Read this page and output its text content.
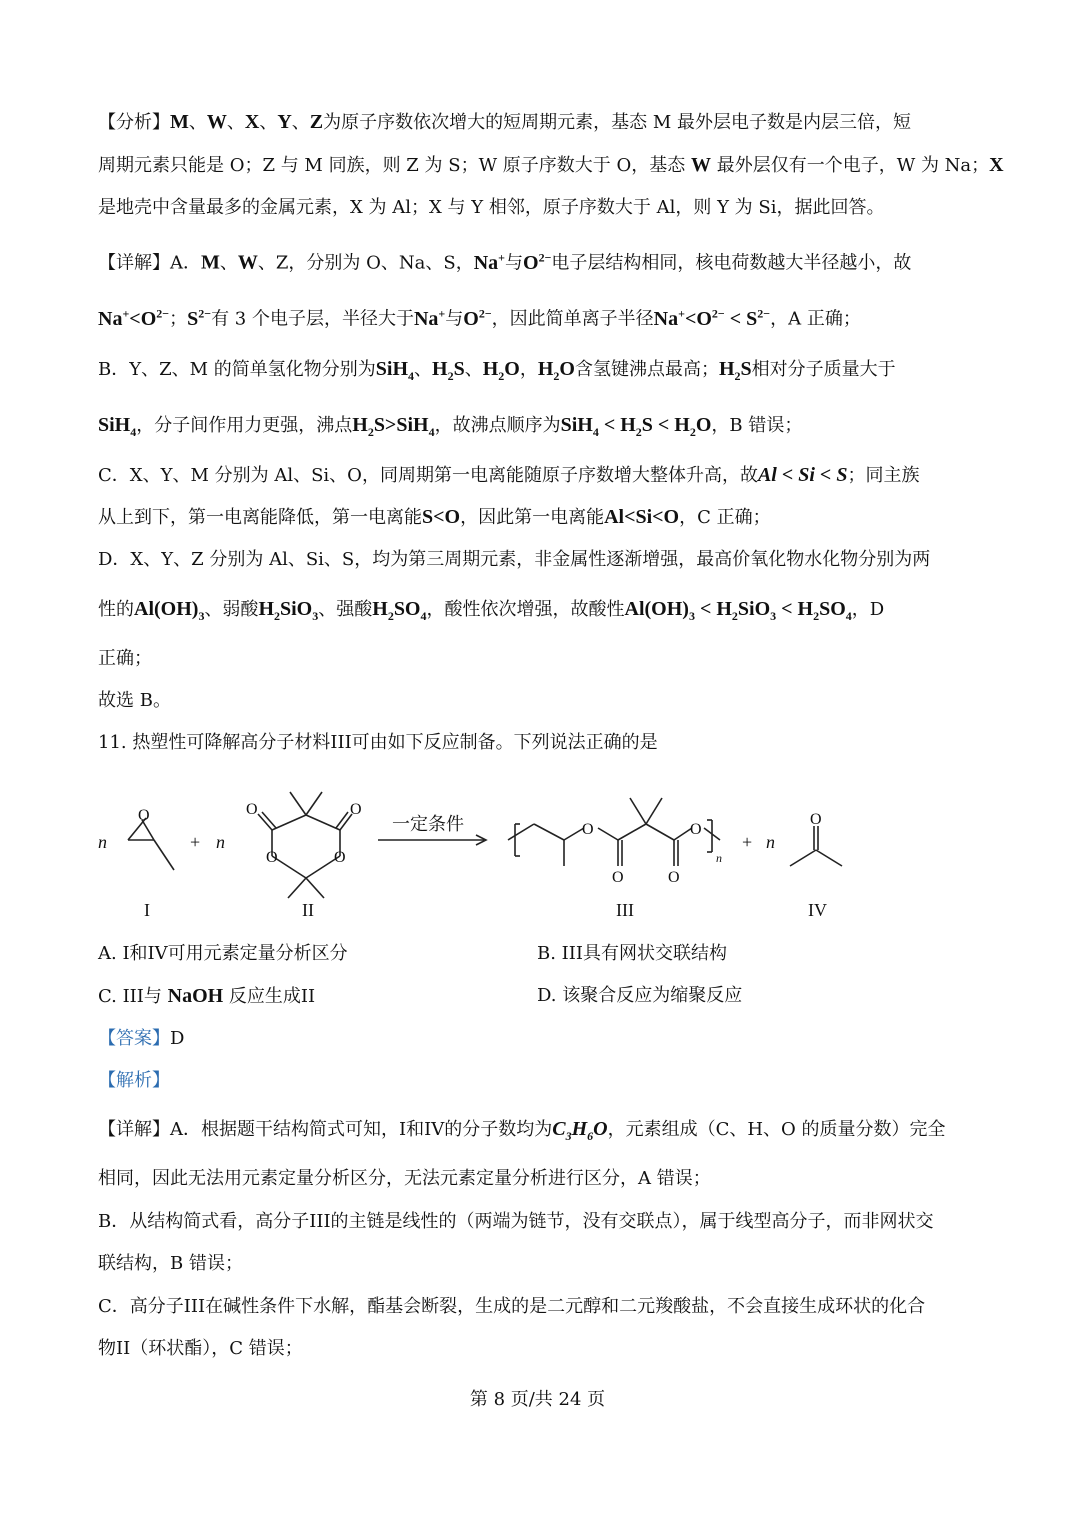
【分析】M、W、X、Y、Z为原子序数依次增大的短周期元素，基态 M 最外层电子数是内层三倍，短
周期元素只能是 O；Z 与 M 同族，则 Z 为 S；W 原子序数大于 O，基态 W 最外层仅有一个电子，W 为 Na；X
是地壳中含量最多的金属元素，X 为 Al；X 与 Y 相邻，原子序数大于 Al，则 Y 为 Si，据此回答。
【详解】A．M、W、Z，分别为 O、Na、S，Na+与$O^{2-}$电子层结构相同，核电荷数越大半径越小，故
$Na^+<O^{2-}$；$S^{2-}$有 3 个电子层，半径大于Na+与$O^{2-}$，因此简单离子半径$Na^+<O^{2-} < S^{2-}$，A 正确；
B．Y、Z、M 的简单氢化物分别为SiH$_4$、$H_2S$、$H_2O$，$H_2O$含氢键沸点最高；$H_2S$相对分子质量大于
SiH$_4$，分子间作用力更强，沸点$H_2S>SiH_4$，故沸点顺序为$SiH_4 < H_2S < H_2O$，B 错误；
C．X、Y、M 分别为 Al、Si、O，同周期第一电离能随原子序数增大整体升高，故Al < Si < S；同主族
从上到下，第一电离能降低，第一电离能S<O，因此第一电离能Al<Si<O，C 正确；
D．X、Y、Z 分别为 Al、Si、S，均为第三周期元素，非金属性逐渐增强，最高价氧化物水化物分别为两
性的$Al(OH)_3$、弱酸$H_2SiO_3$、强酸$H_2SO_4$，酸性依次增强，故酸性$Al(OH)_3 < H_2SiO_3 < H_2SO_4$，D
正确；
故选 B。
11. 热塑性可降解高分子材料III可由如下反应制备。下列说法正确的是
n
O
+ n
O	O
O	O
一定条件	O
O	O
O
n
+ n
O
I	II	III	IV
A. I和IV可用元素定量分析区分	B. III具有网状交联结构
C. III与 NaOH 反应生成II	D. 该聚合反应为缩聚反应
【答案】D
【解析】
【详解】A．根据题干结构简式可知，I和IV的分子数均为$C_3H_6O$，元素组成（C、H、O 的质量分数）完全
相同，因此无法用元素定量分析区分，无法元素定量分析进行区分，A 错误；
B．从结构简式看，高分子III的主链是线性的（两端为链节，没有交联点），属于线型高分子，而非网状交
联结构，B 错误；
C．高分子III在碱性条件下水解，酯基会断裂，生成的是二元醇和二元羧酸盐，不会直接生成环状的化合
物II（环状酯），C 错误；
第 8 页/共 24 页
